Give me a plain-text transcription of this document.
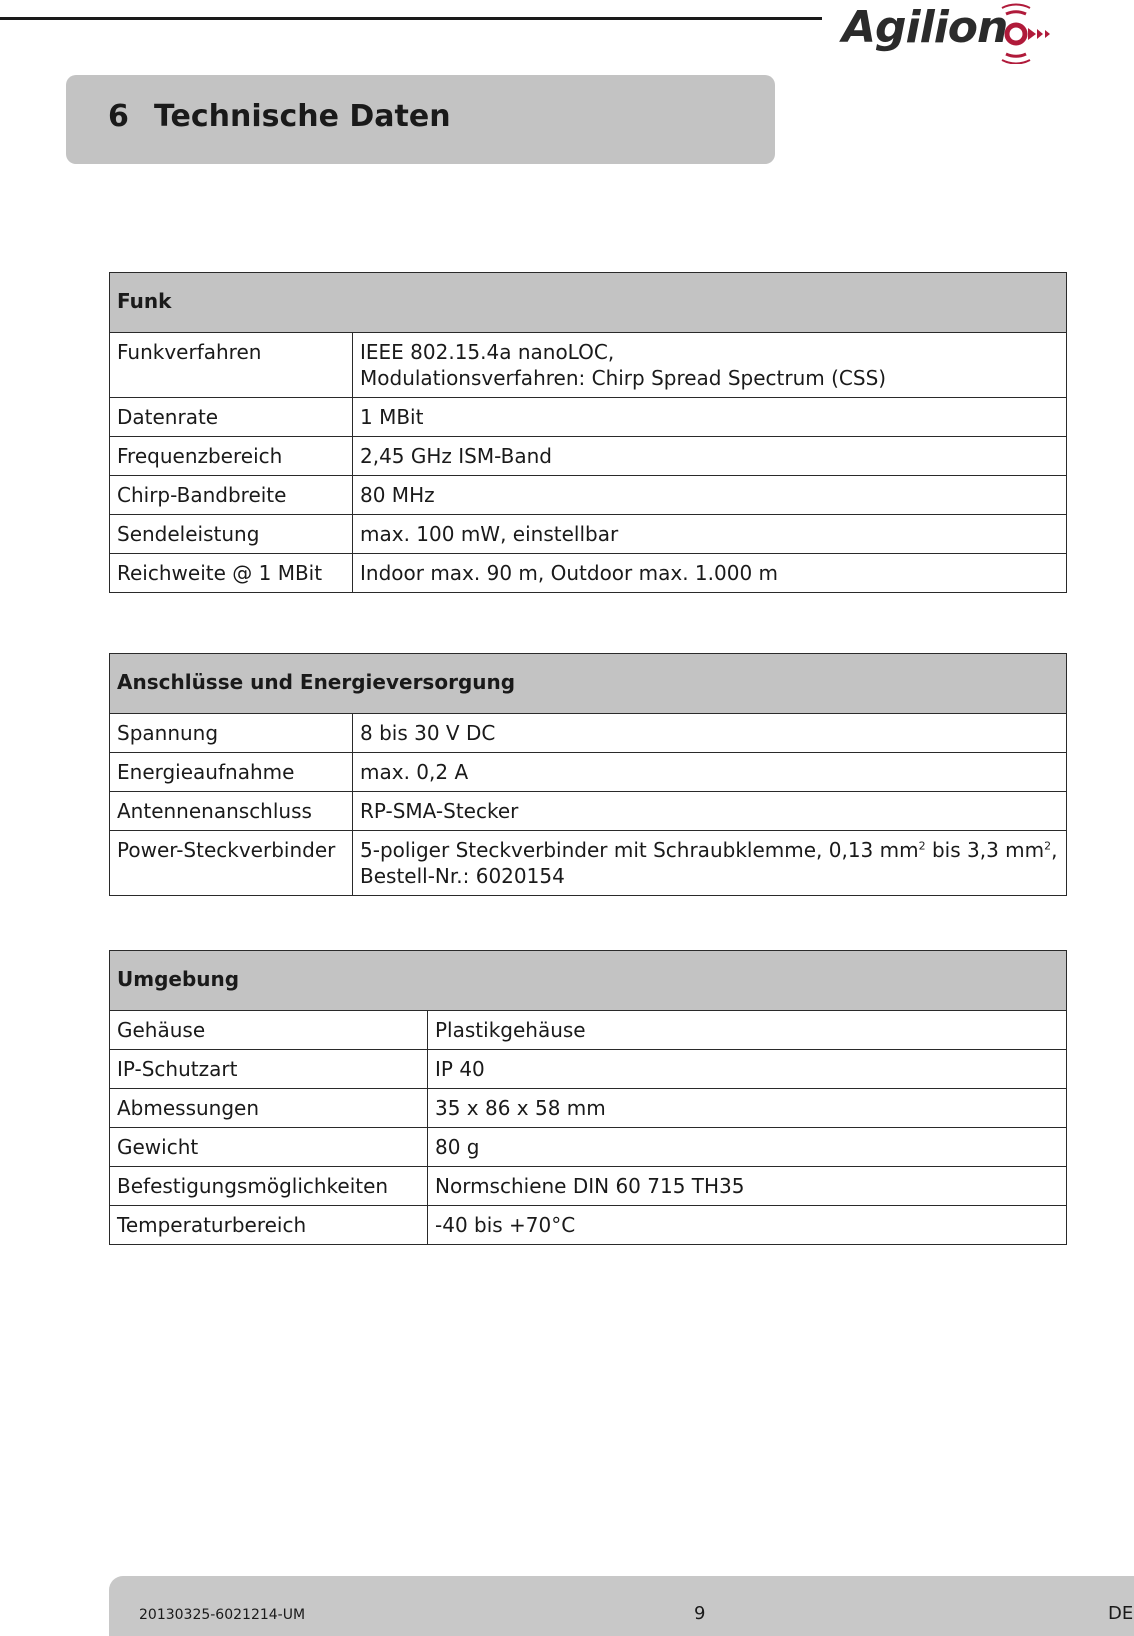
Agilion
6 Technische Daten
Funk	
Funkverfahren	IEEE 802.15.4a nanoLOC,
Modulationsverfahren: Chirp Spread Spectrum (CSS)

Datenrate	1 MBit
Frequenzbereich	2,45 GHz ISM-Band
Chirp-Bandbreite	80 MHz
Sendeleistung	max. 100 mW, einstellbar
Reichweite @ 1 MBit	Indoor max. 90 m, Outdoor max. 1.000 m
Anschlüsse und Energieversorgung	
Spannung	8 bis 30 V DC
Energieaufnahme	max. 0,2 A
Antennenanschluss	RP-SMA-Stecker
Power-Steckverbinder	5-poliger Steckverbinder mit Schraubklemme, 0,13 $mm^2$ bis 3,3 $mm^2$,
Bestell-Nr.: 6020154
Umgebung	
Gehäuse	Plastikgehäuse
IP-Schutzart	IP 40
Abmessungen	35 x 86 x 58 mm
Gewicht	80 g
Befestigungsmöglichkeiten	Normschiene DIN 60 715 TH35
Temperaturbereich	-40 bis +70°C
20130325-6021214-UM	9	DE
